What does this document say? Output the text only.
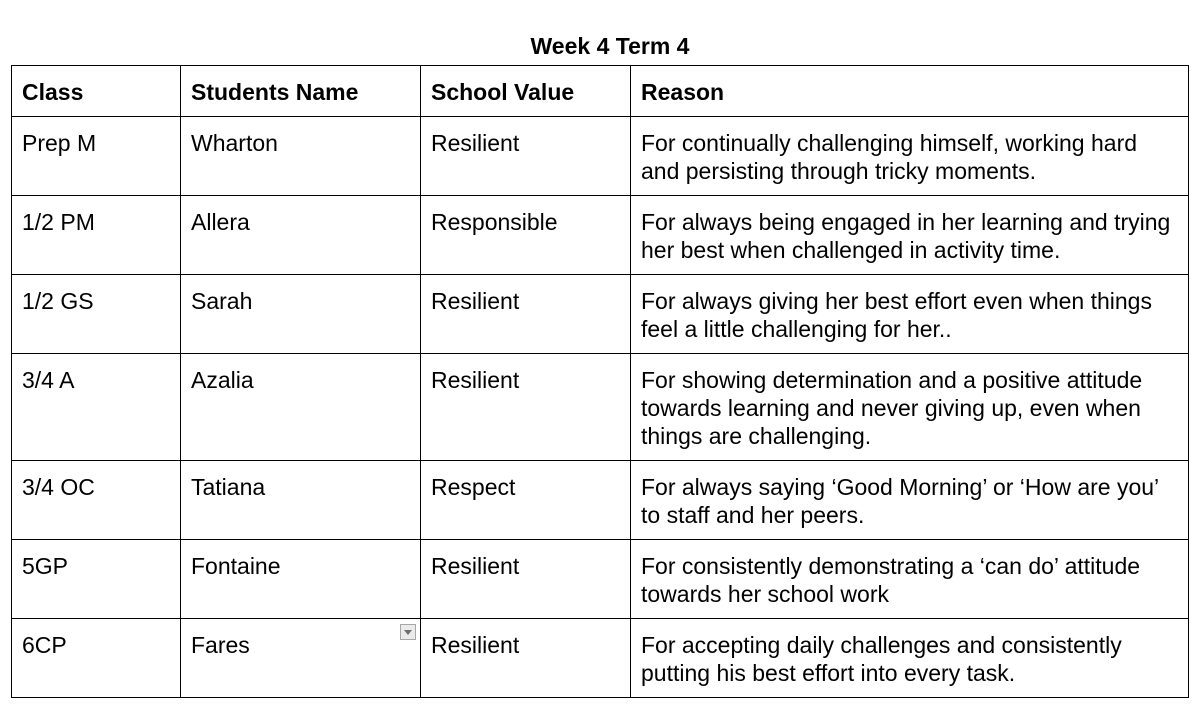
Week 4 Term 4
Class	Students Name	School Value	Reason
Prep M	Wharton	Resilient	For continually challenging himself, working hard and persisting through tricky moments.
1/2 PM	Allera	Responsible	For always being engaged in her learning and trying her best when challenged in activity time.
1/2 GS	Sarah	Resilient	For always giving her best effort even when things feel a little challenging for her..
3/4 A	Azalia	Resilient	For showing determination and a positive attitude towards learning and never giving up, even when things are challenging.
3/4 OC	Tatiana	Respect	For always saying ‘Good Morning’ or ‘How are you’ to staff and her peers.
5GP	Fontaine	Resilient	For consistently demonstrating a ‘can do’ attitude towards her school work
6CP	Fares	Resilient	For accepting daily challenges and consistently putting his best effort into every task.
